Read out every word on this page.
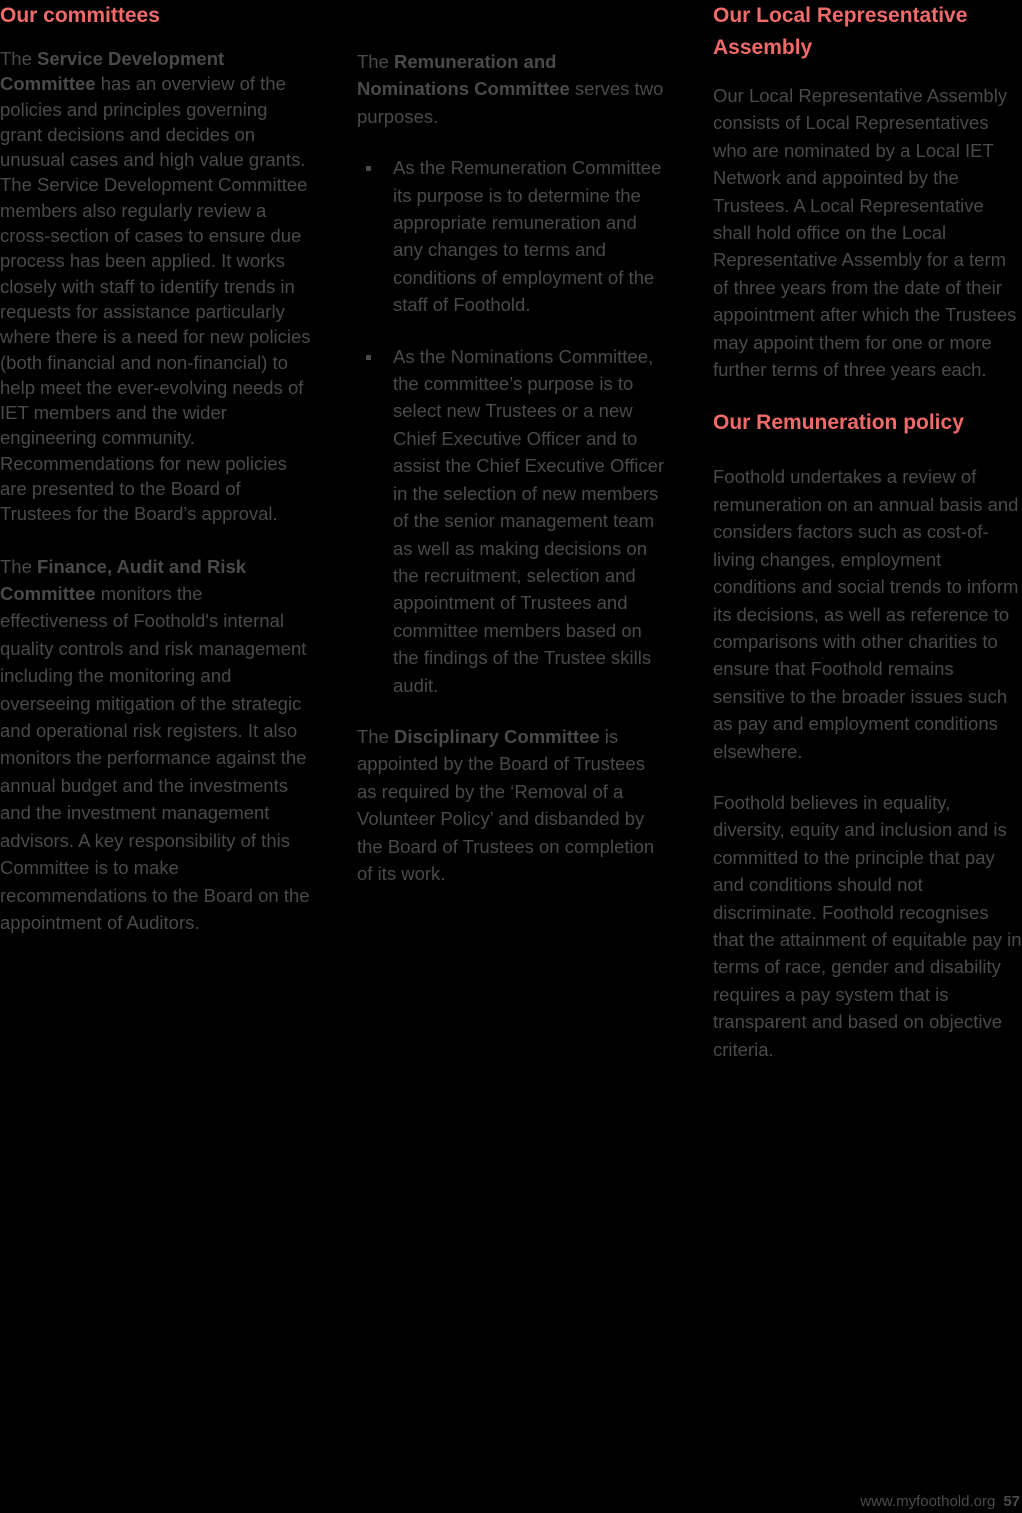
Our committees

The Service Development Committee has an overview of the policies and principles governing grant decisions and decides on unusual cases and high value grants. The Service Development Committee members also regularly review a cross-section of cases to ensure due process has been applied. It works closely with staff to identify trends in requests for assistance particularly where there is a need for new policies (both financial and non-financial) to help meet the ever-evolving needs of IET members and the wider engineering community. Recommendations for new policies are presented to the Board of Trustees for the Board’s approval.

The Finance, Audit and Risk Committee monitors the effectiveness of Foothold's internal quality controls and risk management including the monitoring and overseeing mitigation of the strategic and operational risk registers. It also monitors the performance against the annual budget and the investments and the investment management advisors. A key responsibility of this Committee is to make recommendations to the Board on the appointment of Auditors.

The Remuneration and Nominations Committee serves two purposes.

As the Remuneration Committee its purpose is to determine the appropriate remuneration and any changes to terms and conditions of employment of the staff of Foothold.
As the Nominations Committee, the committee’s purpose is to select new Trustees or a new Chief Executive Officer and to assist the Chief Executive Officer in the selection of new members of the senior management team as well as making decisions on the recruitment, selection and appointment of Trustees and committee members based on the findings of the Trustee skills audit.

The Disciplinary Committee is appointed by the Board of Trustees as required by the ‘Removal of a Volunteer Policy’ and disbanded by the Board of Trustees on completion of its work.

Our Local Representative Assembly

Our Local Representative Assembly consists of Local Representatives who are nominated by a Local IET Network and appointed by the Trustees. A Local Representative shall hold office on the Local Representative Assembly for a term of three years from the date of their appointment after which the Trustees may appoint them for one or more further terms of three years each.

Our Remuneration policy

Foothold undertakes a review of remuneration on an annual basis and considers factors such as cost-of-living changes, employment conditions and social trends to inform its decisions, as well as reference to comparisons with other charities to ensure that Foothold remains sensitive to the broader issues such as pay and employment conditions elsewhere.

Foothold believes in equality, diversity, equity and inclusion and is committed to the principle that pay and conditions should not discriminate. Foothold recognises that the attainment of equitable pay in terms of race, gender and disability requires a pay system that is transparent and based on objective criteria.

www.myfoothold.org 57
